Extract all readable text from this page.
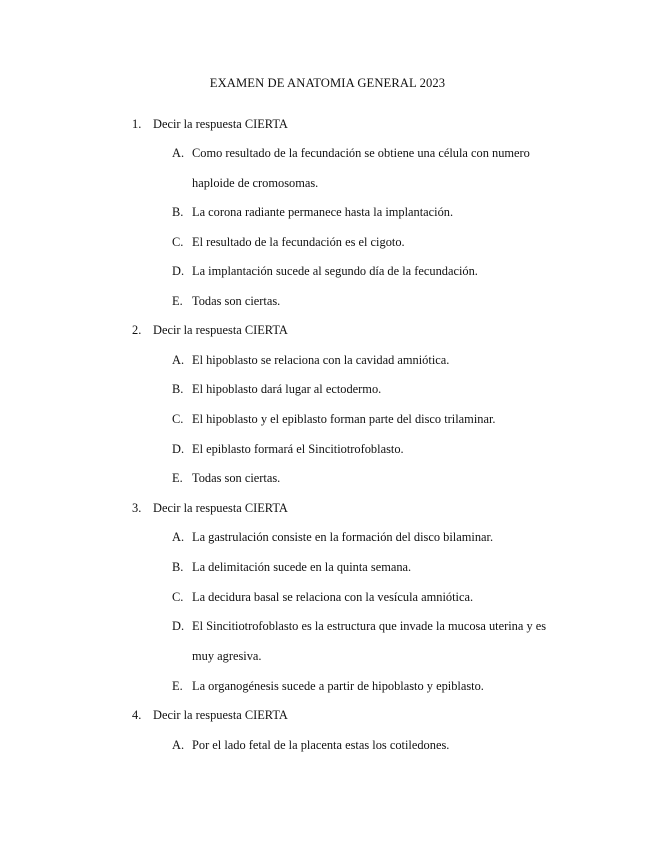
EXAMEN DE ANATOMIA GENERAL 2023
1. Decir la respuesta CIERTA
A. Como resultado de la fecundación se obtiene una célula con numero
haploide de cromosomas.
B. La corona radiante permanece hasta la implantación.
C. El resultado de la fecundación es el cigoto.
D. La implantación sucede al segundo día de la fecundación.
E. Todas son ciertas.
2. Decir la respuesta CIERTA
A. El hipoblasto se relaciona con la cavidad amniótica.
B. El hipoblasto dará lugar al ectodermo.
C. El hipoblasto y el epiblasto forman parte del disco trilaminar.
D. El epiblasto formará el Sincitiotrofoblasto.
E. Todas son ciertas.
3. Decir la respuesta CIERTA
A. La gastrulación consiste en la formación del disco bilaminar.
B. La delimitación sucede en la quinta semana.
C. La decidura basal se relaciona con la vesícula amniótica.
D. El Sincitiotrofoblasto es la estructura que invade la mucosa uterina y es
muy agresiva.
E. La organogénesis sucede a partir de hipoblasto y epiblasto.
4. Decir la respuesta CIERTA
A. Por el lado fetal de la placenta estas los cotiledones.
